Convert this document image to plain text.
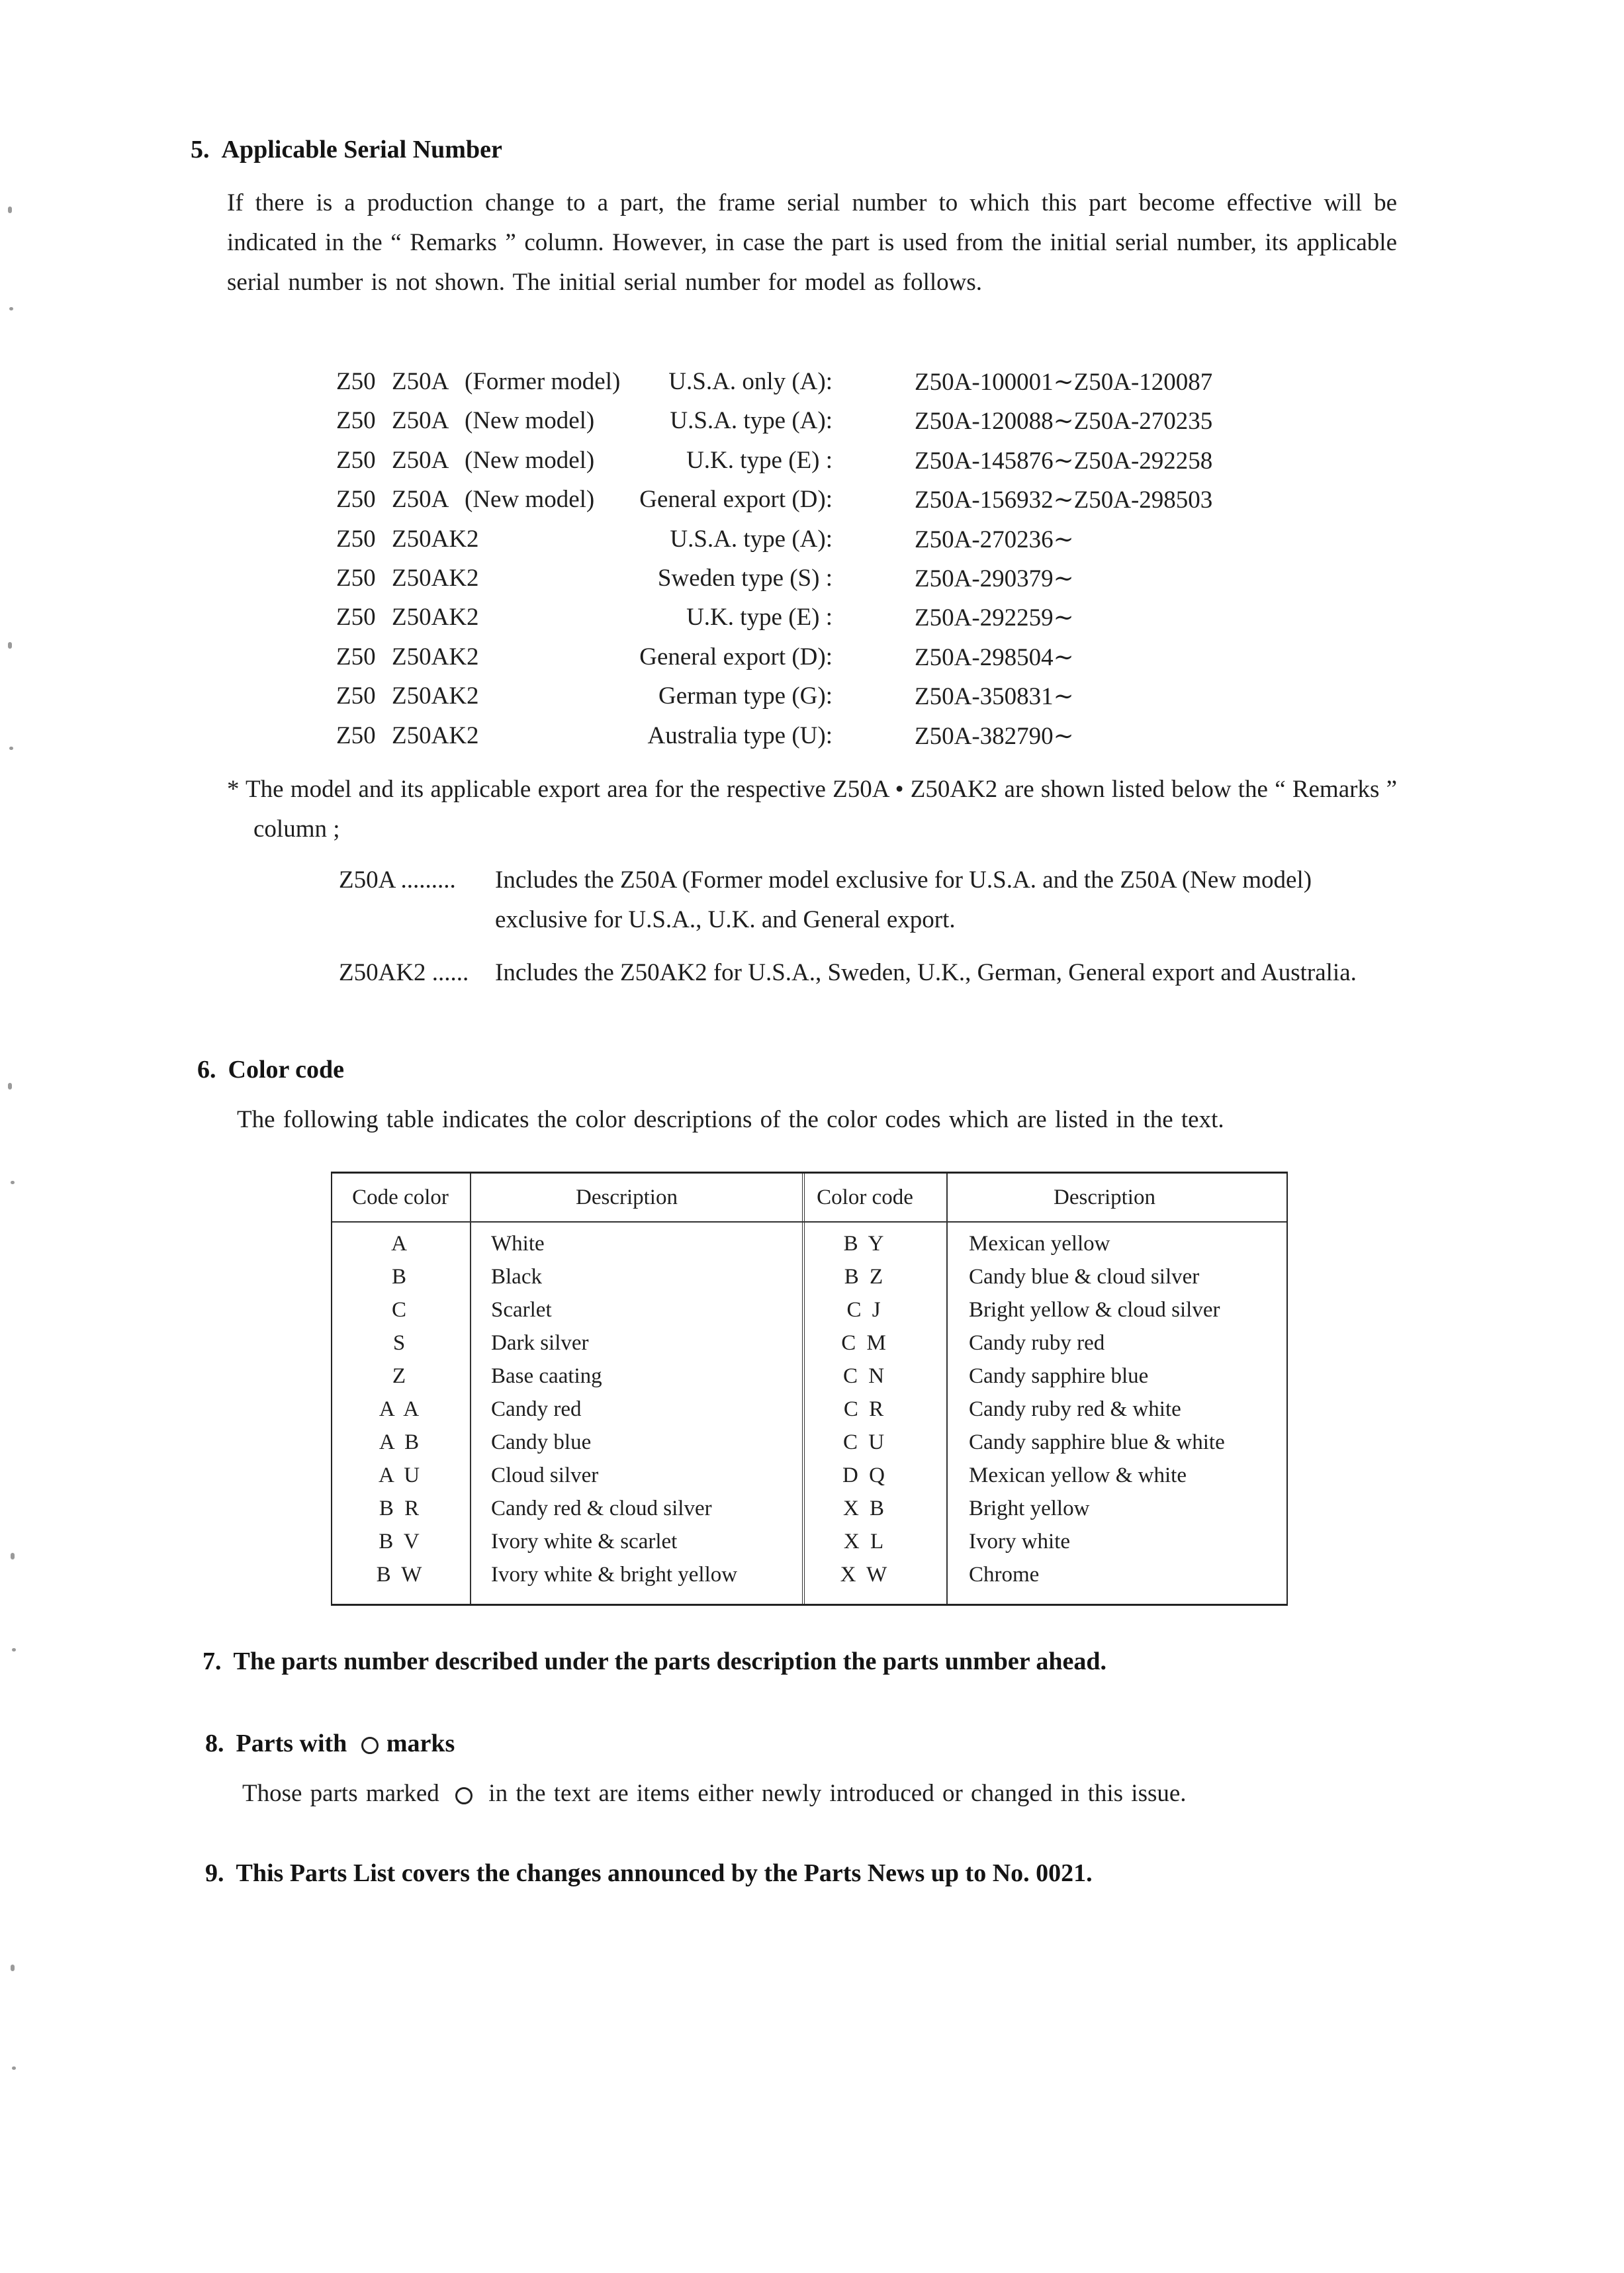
5. Applicable Serial Number
If there is a production change to a part, the frame serial number to which this part become effective will be indicated in the “ Remarks ” column. However, in case the part is used from the initial serial number, its applicable serial number is not shown. The initial serial number for model as follows.
Z50 Z50A (Former model) U.S.A. only (A):	Z50A-100001∼Z50A-120087
Z50 Z50A (New model)	U.S.A. type (A):	Z50A-120088∼Z50A-270235
Z50 Z50A (New model)	U.K. type (E) :	Z50A-145876∼Z50A-292258
Z50 Z50A (New model) General export (D):	Z50A-156932∼Z50A-298503
Z50 Z50AK2	U.S.A. type (A):	Z50A-270236∼
Z50 Z50AK2	Sweden type (S) :	Z50A-290379∼
Z50 Z50AK2	U.K. type (E) :	Z50A-292259∼
Z50 Z50AK2	General export (D):	Z50A-298504∼
Z50 Z50AK2	German type (G):	Z50A-350831∼
Z50 Z50AK2	Australia type (U):	Z50A-382790∼
* The model and its applicable export area for the respective Z50A • Z50AK2 are shown listed below the “ Remarks ” column ;
Z50A ......... Includes the Z50A (Former model exclusive for U.S.A. and the Z50A (New model) exclusive for U.S.A., U.K. and General export.
Z50AK2 ...... Includes the Z50AK2 for U.S.A., Sweden, U.K., German, General export and Australia.
6. Color code
The following table indicates the color descriptions of the color codes which are listed in the text.
Code color	Description	Color code	Description
A	White	B Y	Mexican yellow
B	Black	B Z	Candy blue & cloud silver
C	Scarlet	C J	Bright yellow & cloud silver
S	Dark silver	C M	Candy ruby red
Z	Base caating	C N	Candy sapphire blue
A A	Candy red	C R	Candy ruby red & white
A B	Candy blue	C U	Candy sapphire blue & white
A U	Cloud silver	D Q	Mexican yellow & white
B R	Candy red & cloud silver	X B	Bright yellow
B V	Ivory white & scarlet	X L	Ivory white
B W	Ivory white & bright yellow	X W	Chrome
7. The parts number described under the parts description the parts unmber ahead.
8. Parts with ○ marks
Those parts marked ○ in the text are items either newly introduced or changed in this issue.
9. This Parts List covers the changes announced by the Parts News up to No. 0021.
